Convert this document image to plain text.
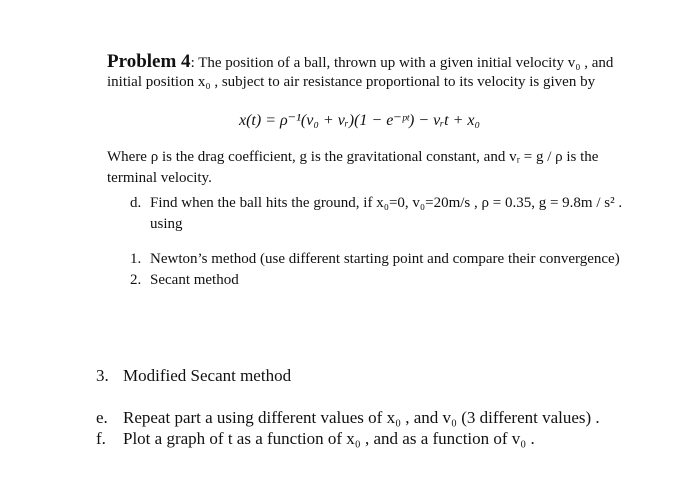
Problem 4: The position of a ball, thrown up with a given initial velocity v₀ , and
initial position x₀ , subject to air resistance proportional to its velocity is given by
x(t) = ρ⁻¹(v₀ + vᵣ)(1 − e⁻ᵖᵗ) − vᵣt + x₀
Where ρ is the drag coefficient, g is the gravitational constant, and vᵣ = g / ρ is the
terminal velocity.
d. Find when the ball hits the ground, if x₀=0, v₀=20m/s , ρ = 0.35, g = 9.8m / s² .
using
1. Newton’s method (use different starting point and compare their convergence)
2. Secant method
3. Modified Secant method
e. Repeat part a using different values of x₀ , and v₀ (3 different values) .
f. Plot a graph of t as a function of x₀ , and as a function of v₀ .
